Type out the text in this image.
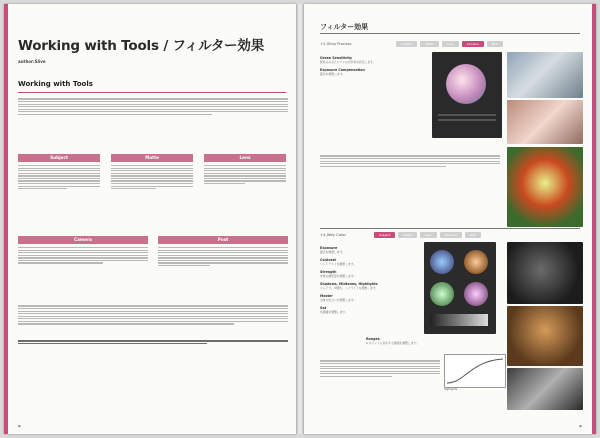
Working with Tools / フィルター効果
author:Slive
Working with Tools
Subject	Matte	Lens
Camera	Post
■
フィルター効果
+2-Strip Process	Subject	Matte	Lens	Camera	Post
Green Sensitivity
緑色のみまとシアンの光対象を設定します。
Exposure Compensation
露出を調整します。
+4-Way Color	Subject	Matte	Lens	Camera	Post
Exposure
露出を調整します。
Contrast
コントラストを調整します。
Strength
効果の適用量を調整します。
Shadows, Midtones, Highlights
シャドウ、中間色、ハイライトを調整します。
Master
全体の色合いを調整します。
Sat
色調値を調整します。
Ranges
4 ポイントに対応する範囲を調整します。
Highlights
■
